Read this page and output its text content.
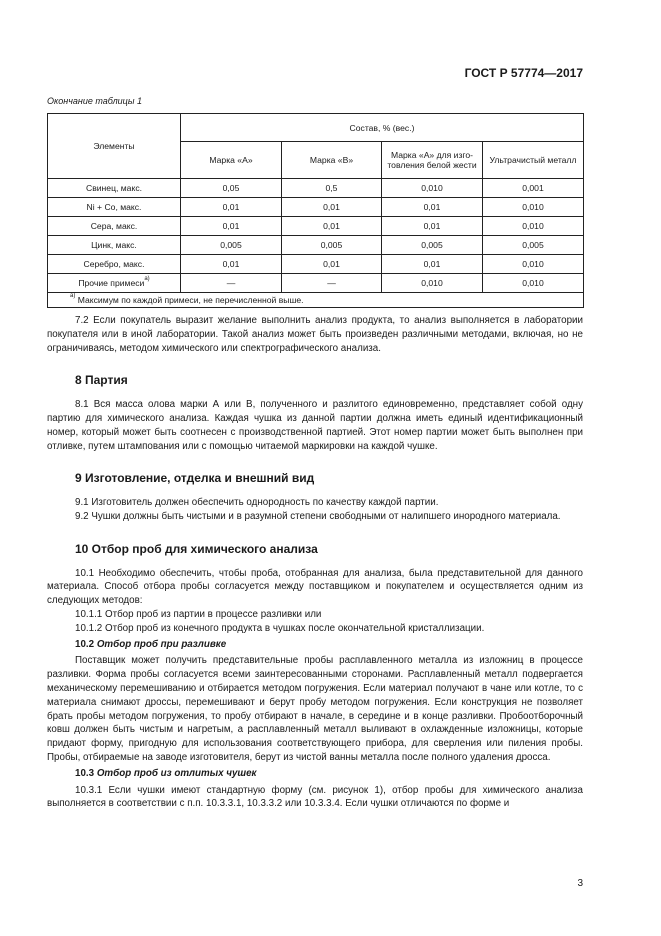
ГОСТ Р 57774—2017
Окончание таблицы 1
Элементы	Состав, % (вес.)			
	Марка «А»	Марка «В»	Марка «А» для изго-товления белой жести	Ультрачистый металл
Свинец, макс.	0,05	0,5	0,010	0,001
Ni + Co, макс.	0,01	0,01	0,01	0,010
Сера, макс.	0,01	0,01	0,01	0,010
Цинк, макс.	0,005	0,005	0,005	0,005
Серебро, макс.	0,01	0,01	0,01	0,010
Прочие примеси$^{а)}$	—	—	0,010	0,010
$^{а)}$ Максимум по каждой примеси, не перечисленной выше.				

7.2 Если покупатель выразит желание выполнить анализ продукта, то анализ выполняется в лаборатории покупателя или в иной лаборатории. Такой анализ может быть произведен различными методами, включая, но не ограничиваясь, методом химического или спектрографического анализа.

8 Партия

8.1 Вся масса олова марки А или В, полученного и разлитого единовременно, представляет собой одну партию для химического анализа. Каждая чушка из данной партии должна иметь единый идентификационный номер, который может быть соотнесен с производственной партией. Этот номер партии может быть выполнен при отливке, путем штампования или с помощью читаемой маркировки на каждой чушке.

9 Изготовление, отделка и внешний вид

9.1 Изготовитель должен обеспечить однородность по качеству каждой партии.

9.2 Чушки должны быть чистыми и в разумной степени свободными от налипшего инородного материала.

10 Отбор проб для химического анализа

10.1 Необходимо обеспечить, чтобы проба, отобранная для анализа, была представительной для данного материала. Способ отбора пробы согласуется между поставщиком и покупателем и осуществляется одним из следующих методов:

10.1.1 Отбор проб из партии в процессе разливки или

10.1.2 Отбор проб из конечного продукта в чушках после окончательной кристаллизации.

10.2 Отбор проб при разливке

Поставщик может получить представительные пробы расплавленного металла из изложниц в процессе разливки. Форма пробы согласуется всеми заинтересованными сторонами. Расплавленный металл подвергается механическому перемешиванию и отбирается методом погружения. Если материал получают в чане или котле, то с материала снимают дроссы, перемешивают и берут пробу методом погружения. Если конструкция не позволяет брать пробы методом погружения, то пробу отбирают в начале, в середине и в конце разливки. Пробоотборочный ковш должен быть чистым и нагретым, а расплавленный металл выливают в охлажденные изложницы, которые придают форму, пригодную для использования соответствующего прибора, для сверления или пиления пробы. Пробы, отбираемые на заводе изготовителя, берут из чистой ванны металла после полного удаления дросса.

10.3 Отбор проб из отлитых чушек

10.3.1 Если чушки имеют стандартную форму (см. рисунок 1), отбор пробы для химического анализа выполняется в соответствии с п.п. 10.3.3.1, 10.3.3.2 или 10.3.3.4. Если чушки отличаются по форме и

3
